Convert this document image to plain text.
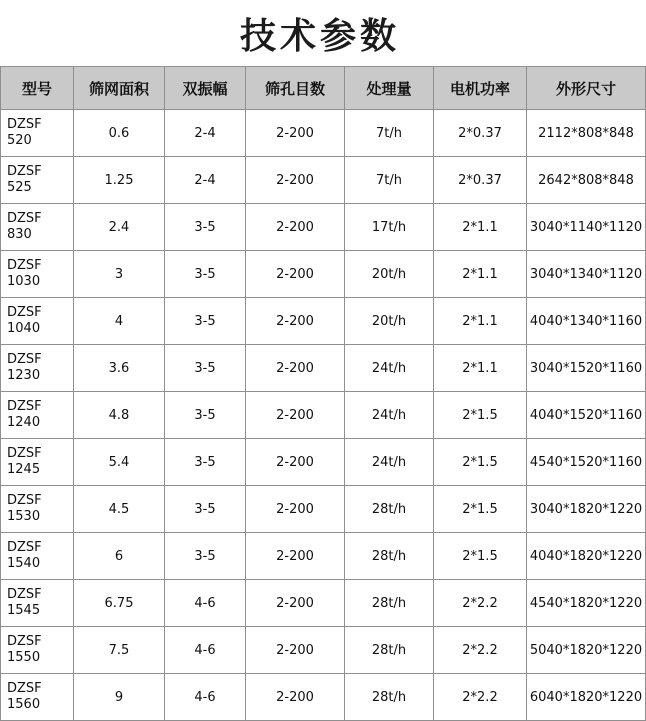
技术参数
型号	筛网面积	双振幅	筛孔目数	处理量	电机功率	外形尺寸

DZSF
520	0.6	2-4	2-200	7t/h	2*0.37	2112*808*848

DZSF
525	1.25	2-4	2-200	7t/h	2*0.37	2642*808*848

DZSF
830	2.4	3-5	2-200	17t/h	2*1.1	3040*1140*1120

DZSF
1030	3	3-5	2-200	20t/h	2*1.1	3040*1340*1120

DZSF
1040	4	3-5	2-200	20t/h	2*1.1	4040*1340*1160

DZSF
1230	3.6	3-5	2-200	24t/h	2*1.1	3040*1520*1160

DZSF
1240	4.8	3-5	2-200	24t/h	2*1.5	4040*1520*1160

DZSF
1245	5.4	3-5	2-200	24t/h	2*1.5	4540*1520*1160

DZSF
1530	4.5	3-5	2-200	28t/h	2*1.5	3040*1820*1220

DZSF
1540	6	3-5	2-200	28t/h	2*1.5	4040*1820*1220

DZSF
1545	6.75	4-6	2-200	28t/h	2*2.2	4540*1820*1220

DZSF
1550	7.5	4-6	2-200	28t/h	2*2.2	5040*1820*1220

DZSF
1560	9	4-6	2-200	28t/h	2*2.2	6040*1820*1220
